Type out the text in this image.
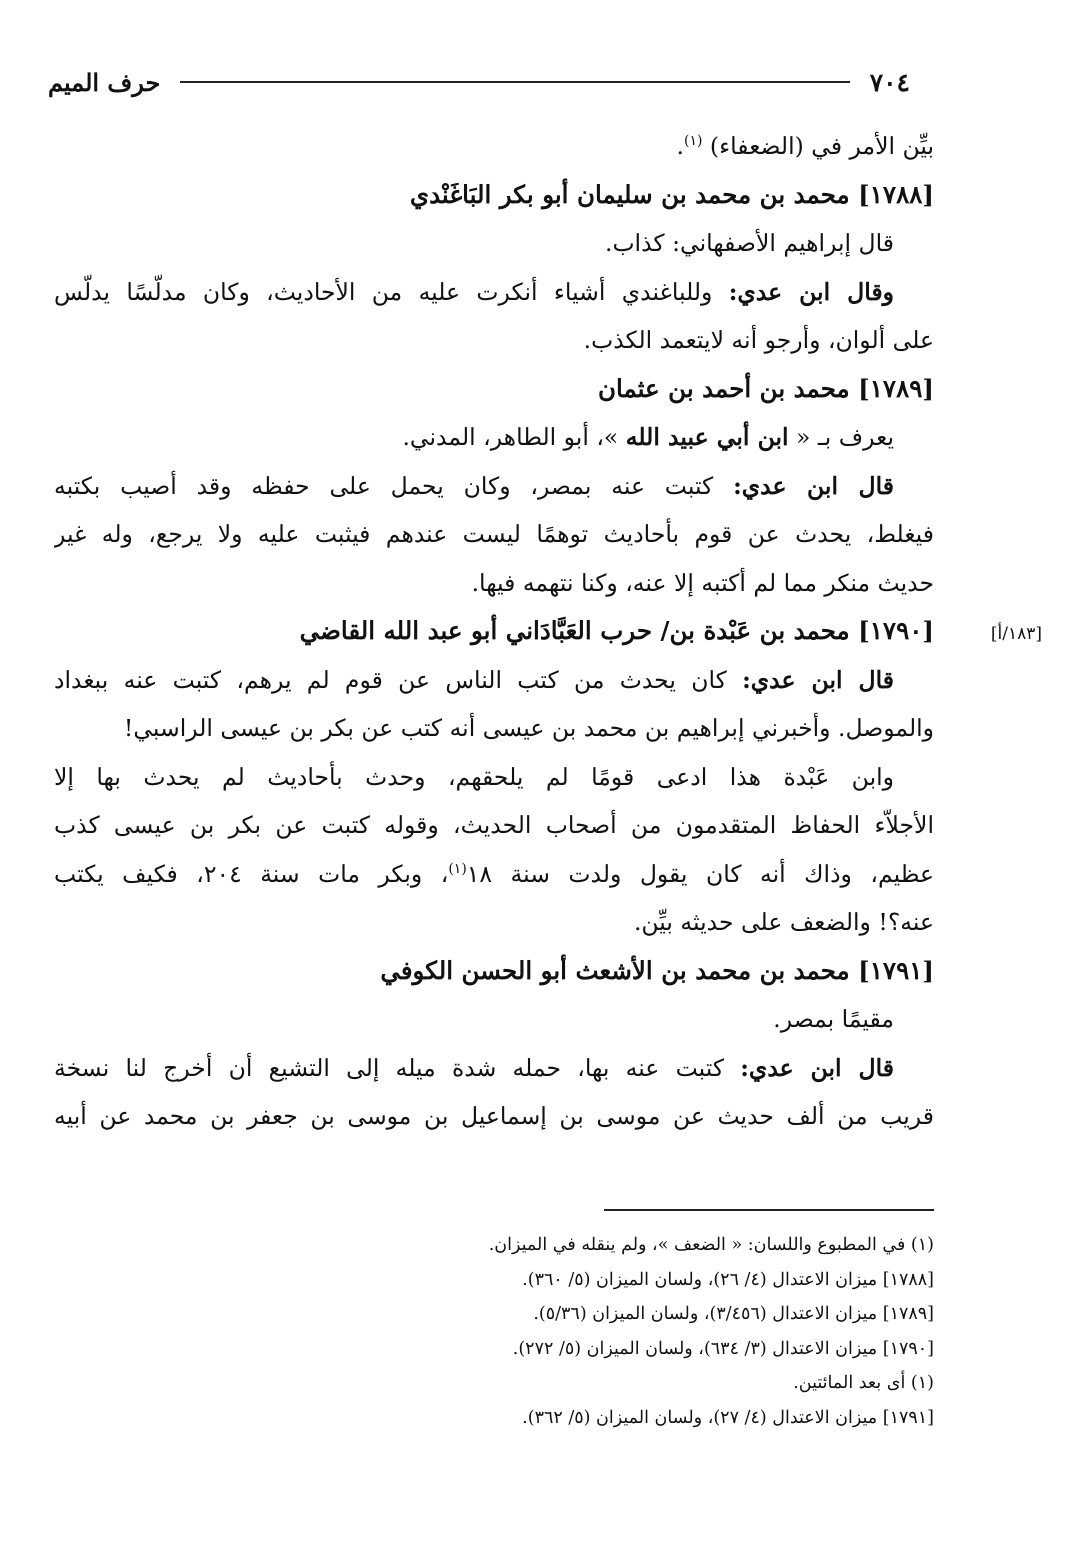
٧٠٤
حرف الميم
[١٨٣/أ]
بيِّن الأمر في (الضعفاء) $^{(١)}$.
[١٧٨٨] محمد بن محمد بن سليمان أبو بكر البَاغَنْدي
قال إبراهيم الأصفهاني: كذاب.
وقال ابن عدي: وللباغندي أشياء أنكرت عليه من الأحاديث، وكان مدلّسًا يدلّس
على ألوان، وأرجو أنه لايتعمد الكذب.
[١٧٨٩] محمد بن أحمد بن عثمان
يعرف بـ « ابن أبي عبيد الله »، أبو الطاهر، المدني.
قال ابن عدي: كتبت عنه بمصر، وكان يحمل على حفظه وقد أصيب بكتبه
فيغلط، يحدث عن قوم بأحاديث توهمًا ليست عندهم فيثبت عليه ولا يرجع، وله غير
حديث منكر مما لم أكتبه إلا عنه، وكنا نتهمه فيها.
[١٧٩٠] محمد بن عَبْدة بن/ حرب العَبَّادَاني أبو عبد الله القاضي
قال ابن عدي: كان يحدث من كتب الناس عن قوم لم يرهم، كتبت عنه ببغداد
والموصل. وأخبرني إبراهيم بن محمد بن عيسى أنه كتب عن بكر بن عيسى الراسبي!
وابن عَبْدة هذا ادعى قومًا لم يلحقهم، وحدث بأحاديث لم يحدث بها إلا
الأجلاّء الحفاظ المتقدمون من أصحاب الحديث، وقوله كتبت عن بكر بن عيسى كذب
عظيم، وذاك أنه كان يقول ولدت سنة ١٨$^{(١)}$، وبكر مات سنة ٢٠٤، فكيف يكتب
عنه؟! والضعف على حديثه بيِّن.
[١٧٩١] محمد بن محمد بن الأشعث أبو الحسن الكوفي
مقيمًا بمصر.
قال ابن عدي: كتبت عنه بها، حمله شدة ميله إلى التشيع أن أخرج لنا نسخة
قريب من ألف حديث عن موسى بن إسماعيل بن موسى بن جعفر بن محمد عن أبيه
(١) في المطبوع واللسان: « الضعف »، ولم ينقله في الميزان.
[١٧٨٨] ميزان الاعتدال (٤/ ٢٦)، ولسان الميزان (٥/ ٣٦٠).
[١٧٨٩] ميزان الاعتدال (٣/٤٥٦)، ولسان الميزان (٥/٣٦).
[١٧٩٠] ميزان الاعتدال (٣/ ٦٣٤)، ولسان الميزان (٥/ ٢٧٢).
(١) أى بعد المائتين.
[١٧٩١] ميزان الاعتدال (٤/ ٢٧)، ولسان الميزان (٥/ ٣٦٢).
